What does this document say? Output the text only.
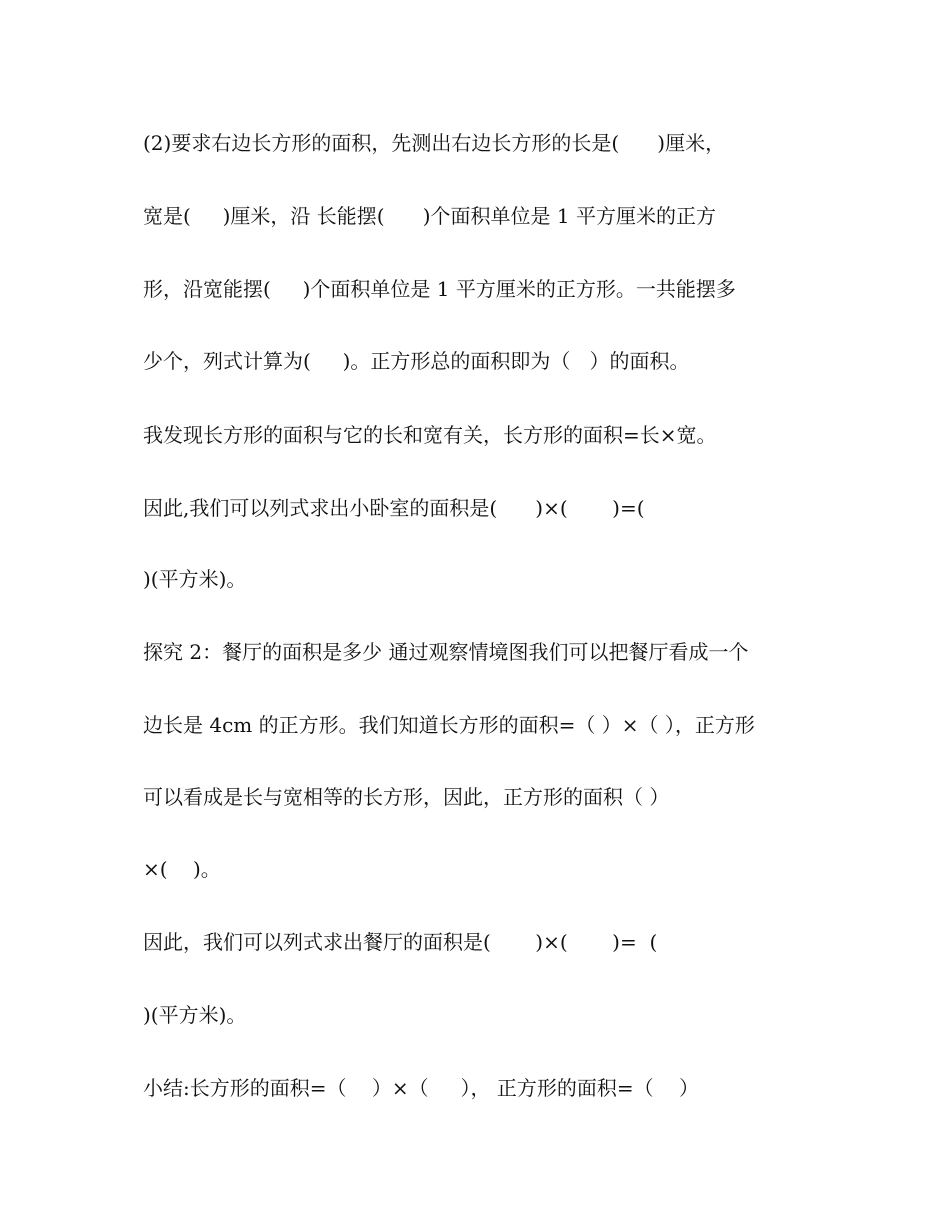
(2)要求右边长方形的面积，先测出右边长方形的长是(      )厘米，
宽是(     )厘米，沿 长能摆(      )个面积单位是 1 平方厘米的正方
形，沿宽能摆(     )个面积单位是 1 平方厘米的正方形。一共能摆多
少个，列式计算为(     )。正方形总的面积即为（   ）的面积。
我发现长方形的面积与它的长和宽有关，长方形的面积=长×宽。
因此,我们可以列式求出小卧室的面积是(      )×(       )=(
)(平方米)。
探究 2：餐厅的面积是多少 通过观察情境图我们可以把餐厅看成一个
边长是 4cm 的正方形。我们知道长方形的面积=（ ）×（ ），正方形
可以看成是长与宽相等的长方形，因此，正方形的面积（ ）
×(    )。
因此，我们可以列式求出餐厅的面积是(       )×(       )=  (
)(平方米)。
小结:长方形的面积=（    ）×（     ）， 正方形的面积=（    ）
